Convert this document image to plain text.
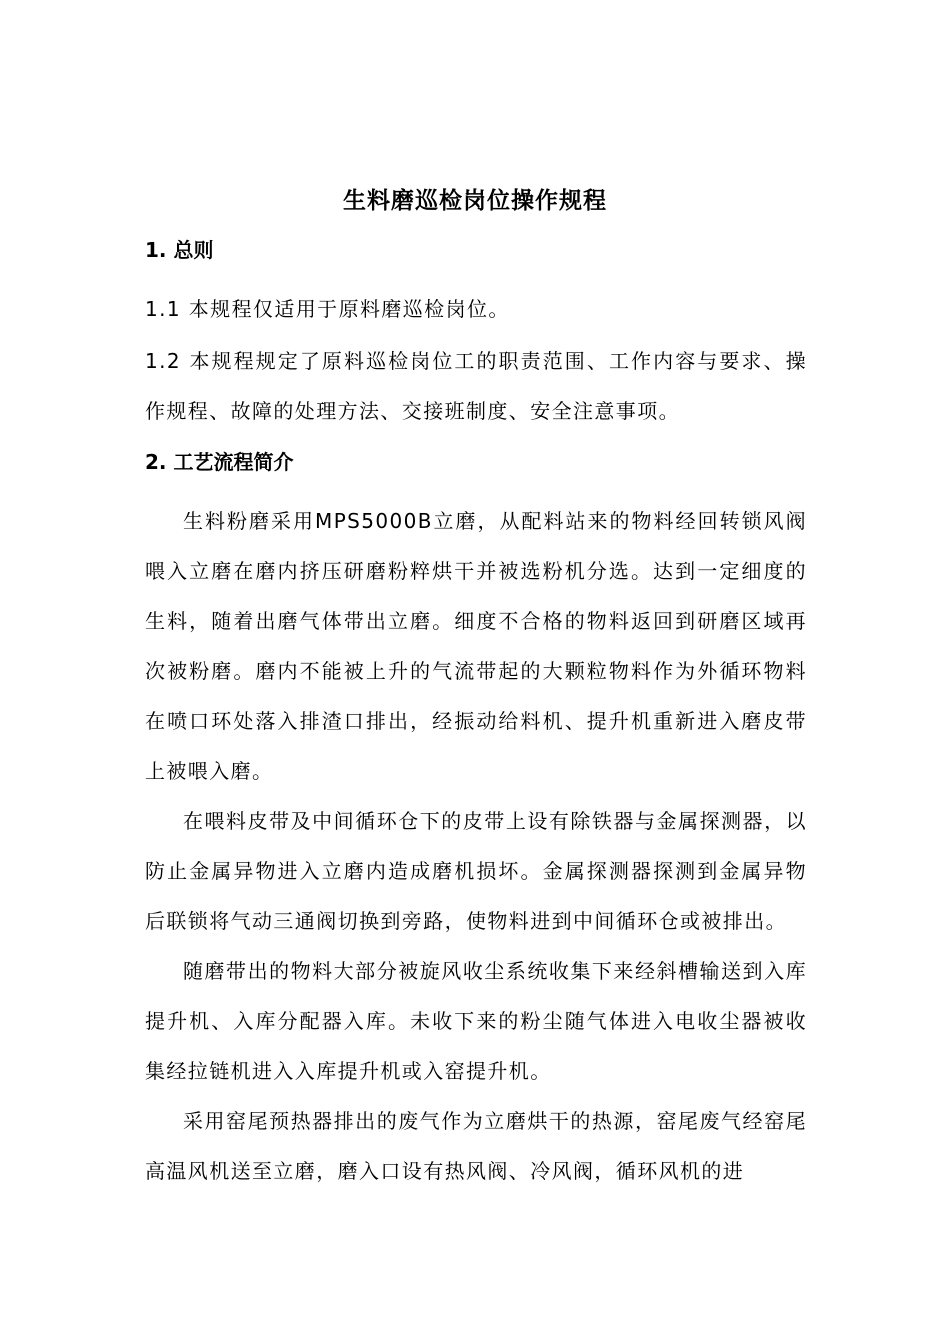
生料磨巡检岗位操作规程
1. 总则

1.1 本规程仅适用于原料磨巡检岗位。

1.2 本规程规定了原料巡检岗位工的职责范围、工作内容与要求、操作规程、故障的处理方法、交接班制度、安全注意事项。

2. 工艺流程简介

生料粉磨采用MPS5000B立磨，从配料站来的物料经回转锁风阀喂入立磨在磨内挤压研磨粉粹烘干并被选粉机分选。达到一定细度的生料，随着出磨气体带出立磨。细度不合格的物料返回到研磨区域再次被粉磨。磨内不能被上升的气流带起的大颗粒物料作为外循环物料在喷口环处落入排渣口排出，经振动给料机、提升机重新进入磨皮带上被喂入磨。

在喂料皮带及中间循环仓下的皮带上设有除铁器与金属探测器，以防止金属异物进入立磨内造成磨机损坏。金属探测器探测到金属异物后联锁将气动三通阀切换到旁路，使物料进到中间循环仓或被排出。

随磨带出的物料大部分被旋风收尘系统收集下来经斜槽输送到入库提升机、入库分配器入库。未收下来的粉尘随气体进入电收尘器被收集经拉链机进入入库提升机或入窑提升机。

采用窑尾预热器排出的废气作为立磨烘干的热源，窑尾废气经窑尾高温风机送至立磨，磨入口设有热风阀、冷风阀，循环风机的进
